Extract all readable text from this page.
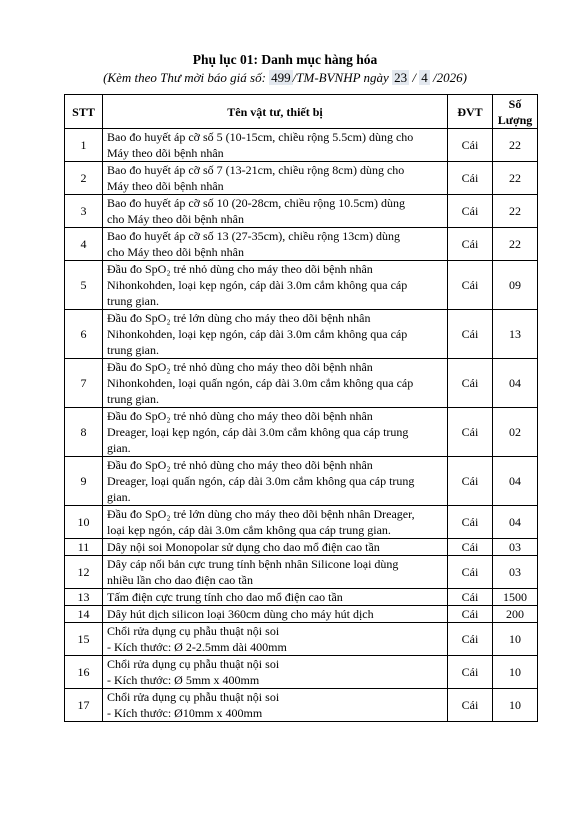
Phụ lục 01: Danh mục hàng hóa
(Kèm theo Thư mời báo giá số: 499 /TM-BVNHP ngày 23 / 4 /2026)
STT	Tên vật tư, thiết bị	ĐVT	Số
Lượng

1	Bao đo huyết áp cỡ số 5 (10-15cm, chiều rộng 5.5cm) dùng cho
Máy theo dõi bệnh nhân	Cái	22
2	Bao đo huyết áp cỡ số 7 (13-21cm, chiều rộng 8cm) dùng cho
Máy theo dõi bệnh nhân	Cái	22
3	Bao đo huyết áp cỡ số 10 (20-28cm, chiều rộng 10.5cm) dùng
cho Máy theo dõi bệnh nhân	Cái	22
4	Bao đo huyết áp cỡ số 13 (27-35cm), chiều rộng 13cm) dùng
cho Máy theo dõi bệnh nhân	Cái	22
5	Đầu đo SpO₂ trẻ nhỏ dùng cho máy theo dõi bệnh nhân
Nihonkohden, loại kẹp ngón, cáp dài 3.0m cắm không qua cáp
trung gian.	Cái	09
6	Đầu đo SpO₂ trẻ lớn dùng cho máy theo dõi bệnh nhân
Nihonkohden, loại kẹp ngón, cáp dài 3.0m cắm không qua cáp
trung gian.	Cái	13
7	Đầu đo SpO₂ trẻ nhỏ dùng cho máy theo dõi bệnh nhân
Nihonkohden, loại quấn ngón, cáp dài 3.0m cắm không qua cáp
trung gian.	Cái	04
8	Đầu đo SpO₂ trẻ nhỏ dùng cho máy theo dõi bệnh nhân
Dreager, loại kẹp ngón, cáp dài 3.0m cắm không qua cáp trung
gian.	Cái	02
9	Đầu đo SpO₂ trẻ nhỏ dùng cho máy theo dõi bệnh nhân
Dreager, loại quấn ngón, cáp dài 3.0m cắm không qua cáp trung
gian.	Cái	04
10	Đầu đo SpO₂ trẻ lớn dùng cho máy theo dõi bệnh nhân Dreager,
loại kẹp ngón, cáp dài 3.0m cắm không qua cáp trung gian.	Cái	04
11	Dây nội soi Monopolar sử dụng cho dao mổ điện cao tần	Cái	03
12	Dây cáp nối bản cực trung tính bệnh nhân Silicone loại dùng
nhiều lần cho dao điện cao tần	Cái	03
13	Tấm điện cực trung tính cho dao mổ điện cao tần	Cái	1500
14	Dây hút dịch silicon loại 360cm dùng cho máy hút dịch	Cái	200
15	Chổi rửa dụng cụ phẫu thuật nội soi
- Kích thước: Ø 2-2.5mm dài 400mm	Cái	10
16	Chổi rửa dụng cụ phẫu thuật nội soi
- Kích thước: Ø 5mm x 400mm	Cái	10
17	Chổi rửa dụng cụ phẫu thuật nội soi
- Kích thước: Ø10mm x 400mm	Cái	10
